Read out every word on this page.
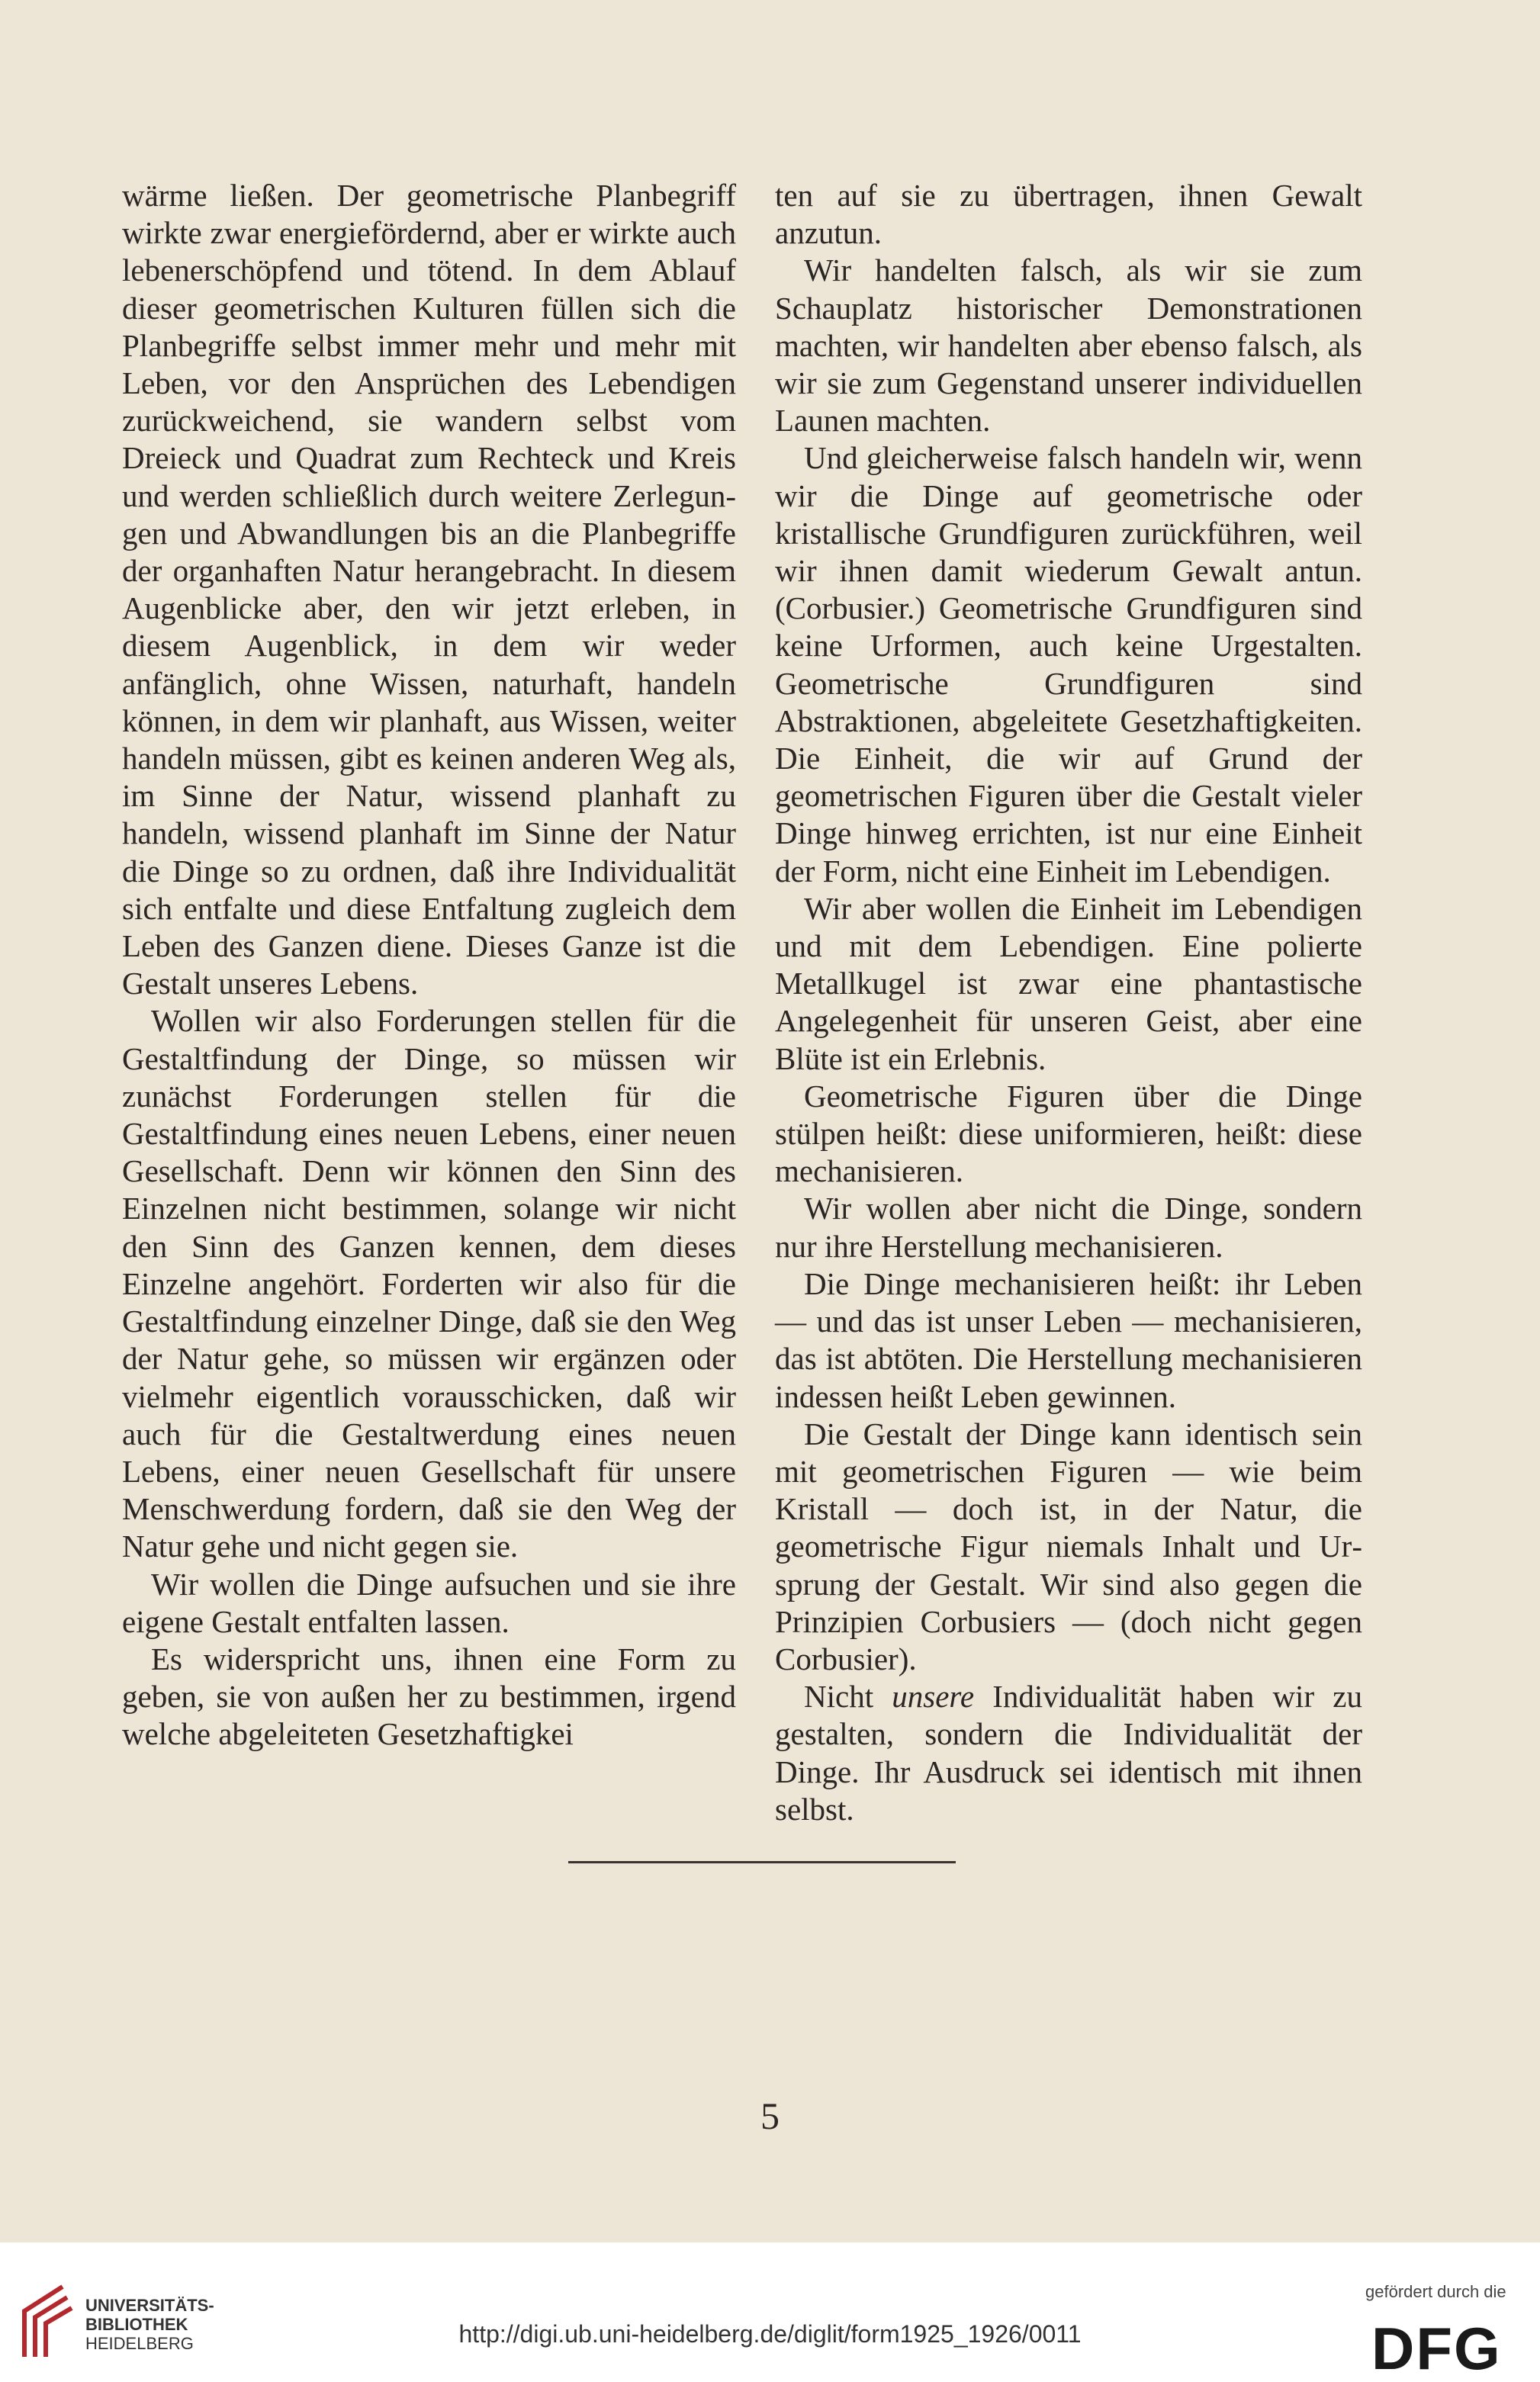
wärme ließen. Der geometrische Planbegriff wirkte zwar energiefördernd, aber er wirkte auch lebenerschöpfend und tötend. In dem Ablauf dieser geometrischen Kulturen füllen sich die Planbegriffe selbst immer mehr und mehr mit Leben, vor den Ansprüchen des Lebendigen zurückweichend, sie wandern selbst vom Dreieck und Quadrat zum Rechteck und Kreis und werden schließlich durch weitere Zerlegungen und Abwandlungen bis an die Planbegriffe der organhaften Natur herangebracht. In diesem Augenblicke aber, den wir jetzt erleben, in diesem Augenblick, in dem wir weder anfänglich, ohne Wissen, naturhaft, handeln können, in dem wir planhaft, aus Wissen, weiter handeln müssen, gibt es keinen anderen Weg als, im Sinne der Natur, wissend planhaft zu handeln, wissend planhaft im Sinne der Natur die Dinge so zu ordnen, daß ihre Individualität sich entfalte und diese Entfaltung zugleich dem Leben des Ganzen diene. Dieses Ganze ist die Gestalt unseres Lebens.

Wollen wir also Forderungen stellen für die Gestaltfindung der Dinge, so müssen wir zunächst Forderungen stellen für die Gestaltfindung eines neuen Lebens, einer neuen Gesellschaft. Denn wir können den Sinn des Einzelnen nicht bestimmen, solange wir nicht den Sinn des Ganzen kennen, dem dieses Einzelne angehört. Forderten wir also für die Gestaltfindung einzelner Dinge, daß sie den Weg der Natur gehe, so müssen wir ergänzen oder vielmehr eigentlich vorausschicken, daß wir auch für die Gestaltwerdung eines neuen Lebens, einer neuen Gesellschaft für unsere Menschwerdung fordern, daß sie den Weg der Natur gehe und nicht gegen sie.

Wir wollen die Dinge aufsuchen und sie ihre eigene Gestalt entfalten lassen.

Es widerspricht uns, ihnen eine Form zu geben, sie von außen her zu bestimmen, irgend welche abgeleiteten Gesetzhaftigkei

ten auf sie zu übertragen, ihnen Gewalt anzutun.

Wir handelten falsch, als wir sie zum Schauplatz historischer Demonstrationen machten, wir handelten aber ebenso falsch, als wir sie zum Gegenstand unserer individuellen Launen machten.

Und gleicherweise falsch handeln wir, wenn wir die Dinge auf geometrische oder kristallische Grundfiguren zurückführen, weil wir ihnen damit wiederum Gewalt antun. (Corbusier.) Geometrische Grundfiguren sind keine Urformen, auch keine Urgestalten. Geometrische Grundfiguren sind Abstraktionen, abgeleitete Gesetzhaftigkeiten. Die Einheit, die wir auf Grund der geometrischen Figuren über die Gestalt vieler Dinge hinweg errichten, ist nur eine Einheit der Form, nicht eine Einheit im Lebendigen.

Wir aber wollen die Einheit im Lebendigen und mit dem Lebendigen. Eine polierte Metallkugel ist zwar eine phantastische Angelegenheit für unseren Geist, aber eine Blüte ist ein Erlebnis.

Geometrische Figuren über die Dinge stülpen heißt: diese uniformieren, heißt: diese mechanisieren.

Wir wollen aber nicht die Dinge, sondern nur ihre Herstellung mechanisieren.

Die Dinge mechanisieren heißt: ihr Leben — und das ist unser Leben — mechanisieren, das ist abtöten. Die Herstellung mechanisieren indessen heißt Leben gewinnen.

Die Gestalt der Dinge kann identisch sein mit geometrischen Figuren — wie beim Kristall — doch ist, in der Natur, die geometrische Figur niemals Inhalt und Ursprung der Gestalt. Wir sind also gegen die Prinzipien Corbusiers — (doch nicht gegen Corbusier).

Nicht unsere Individualität haben wir zu gestalten, sondern die Individualität der Dinge. Ihr Ausdruck sei identisch mit ihnen selbst.

5
UNIVERSITÄTS-
BIBLIOTHEK
HEIDELBERG	http://digi.ub.uni-heidelberg.de/diglit/form1925_1926/0011
gefördert durch die
DFG
